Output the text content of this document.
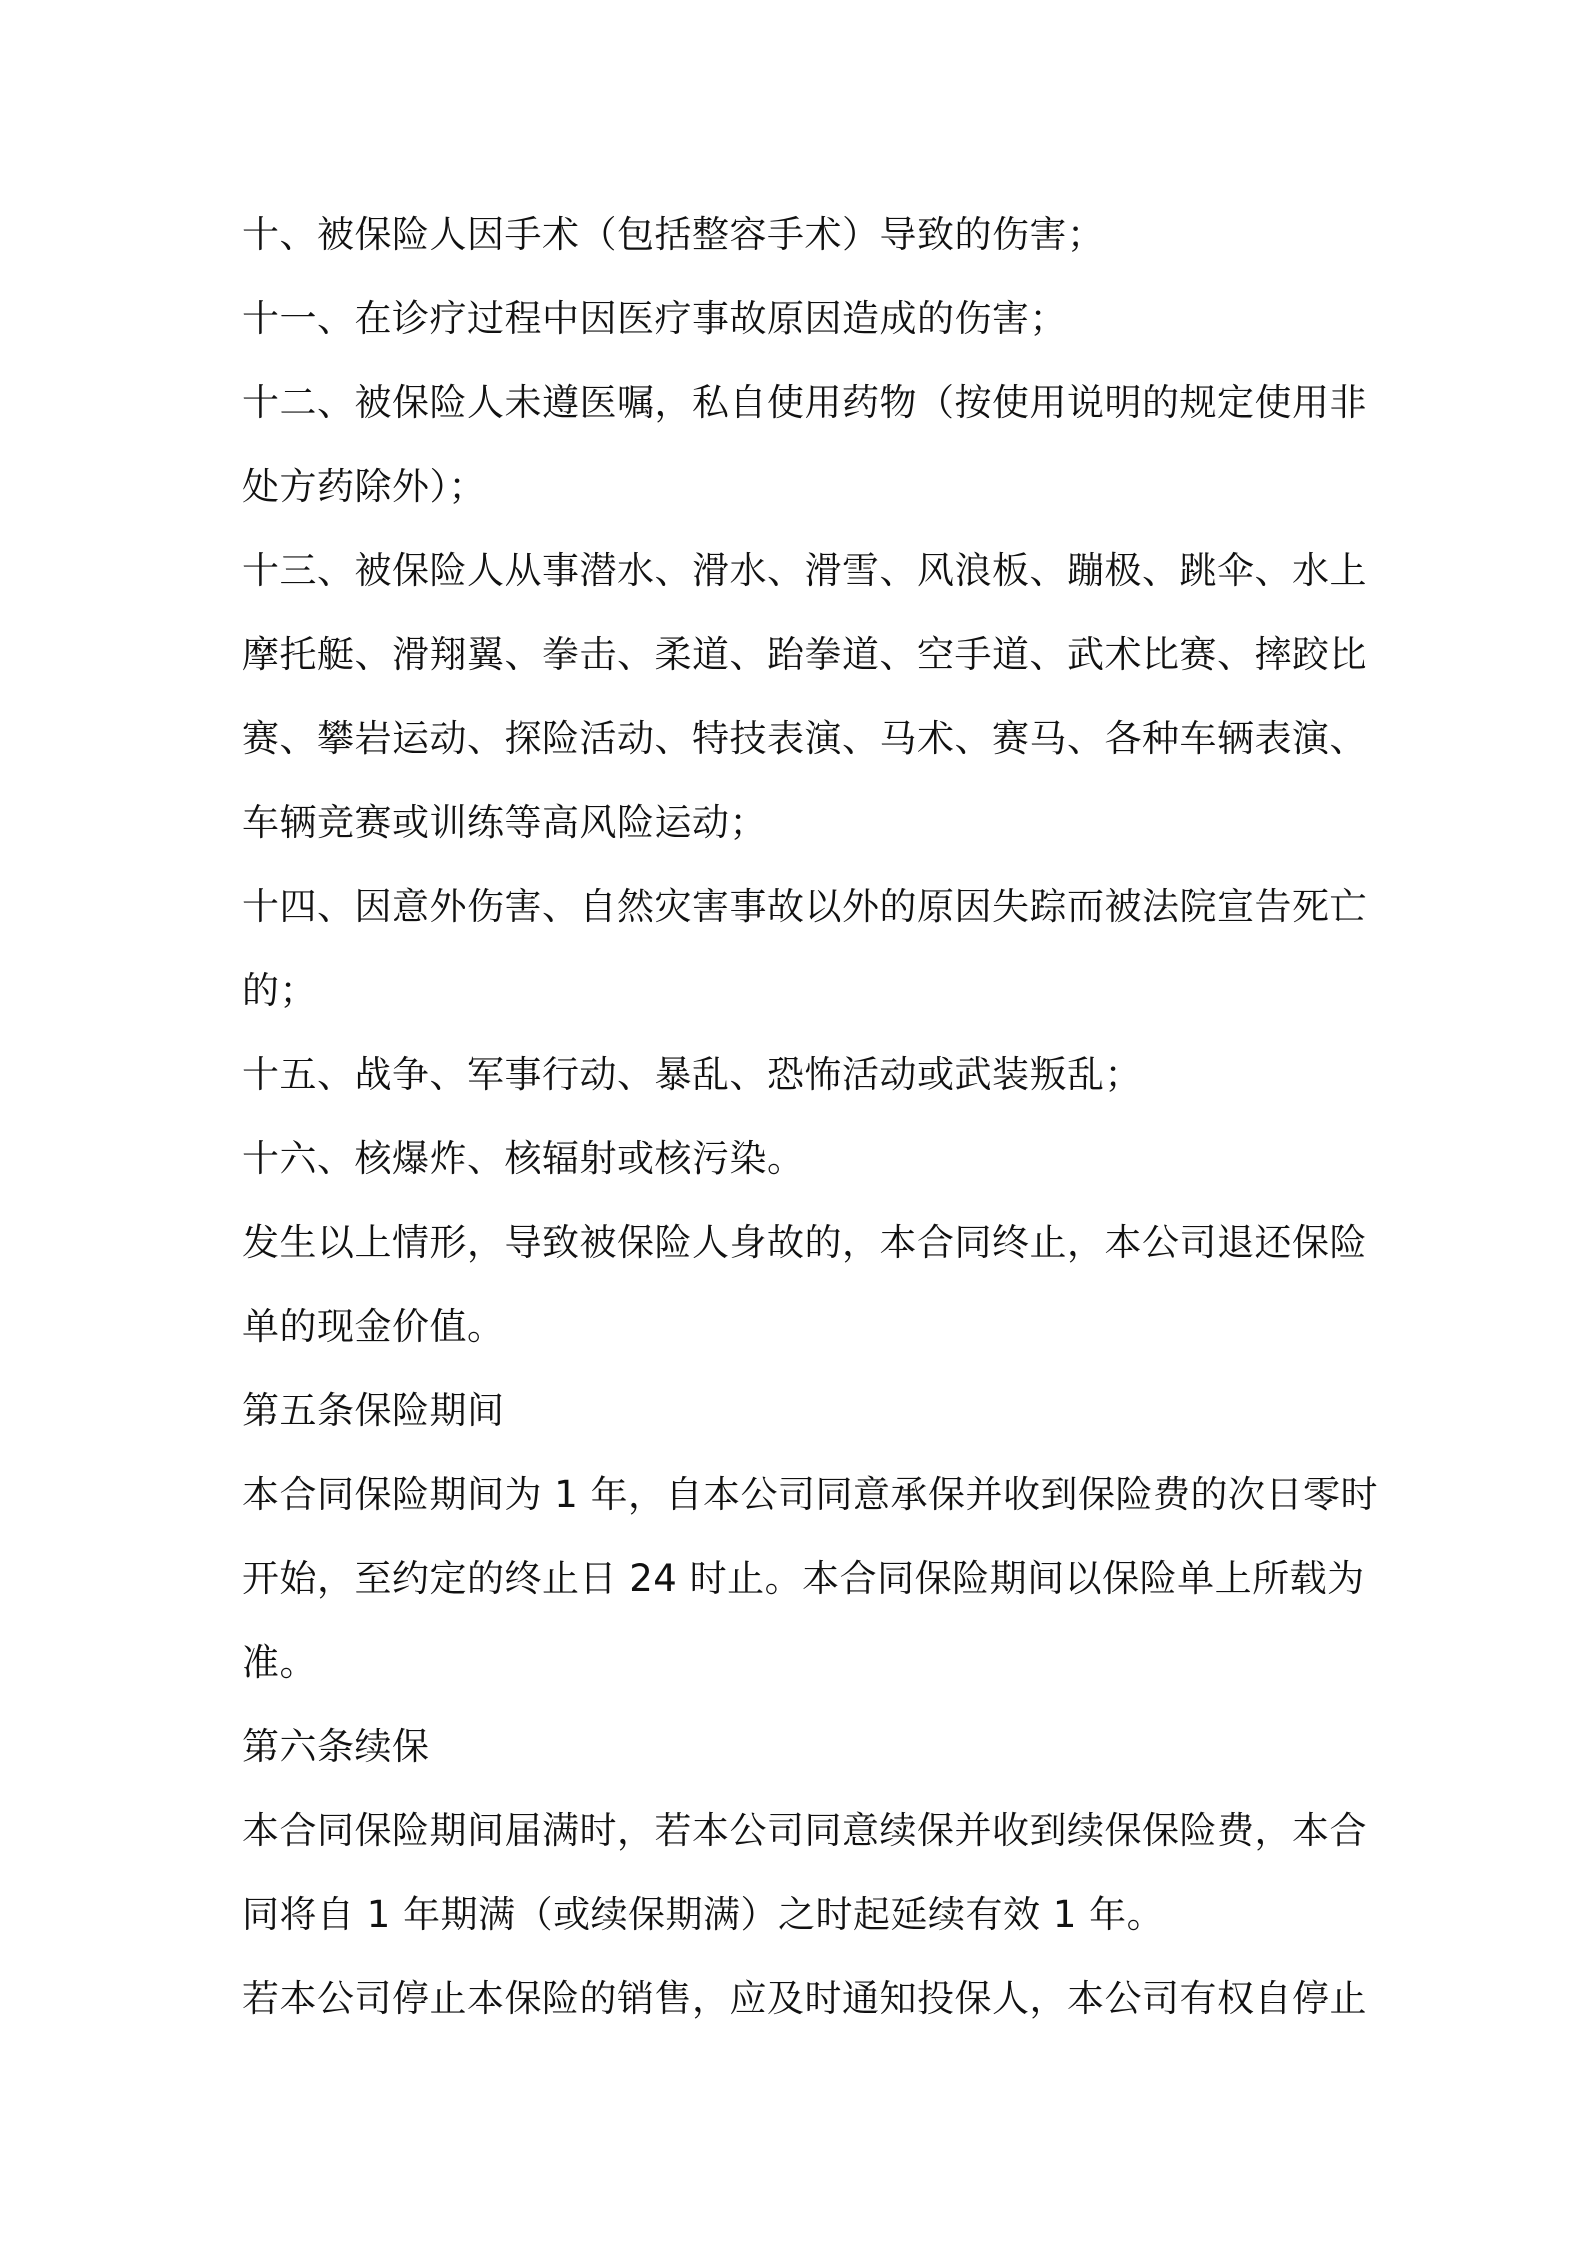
十、被保险人因手术（包括整容手术）导致的伤害；

十一、在诊疗过程中因医疗事故原因造成的伤害；

十二、被保险人未遵医嘱，私自使用药物（按使用说明的规定使用非

处方药除外）；

十三、被保险人从事潜水、滑水、滑雪、风浪板、蹦极、跳伞、水上

摩托艇、滑翔翼、拳击、柔道、跆拳道、空手道、武术比赛、摔跤比

赛、攀岩运动、探险活动、特技表演、马术、赛马、各种车辆表演、

车辆竞赛或训练等高风险运动；

十四、因意外伤害、自然灾害事故以外的原因失踪而被法院宣告死亡

的；

十五、战争、军事行动、暴乱、恐怖活动或武装叛乱；

十六、核爆炸、核辐射或核污染。

发生以上情形，导致被保险人身故的，本合同终止，本公司退还保险

单的现金价值。

第五条保险期间

本合同保险期间为 1 年，自本公司同意承保并收到保险费的次日零时

开始，至约定的终止日 24 时止。本合同保险期间以保险单上所载为

准。

第六条续保

本合同保险期间届满时，若本公司同意续保并收到续保保险费，本合

同将自 1 年期满（或续保期满）之时起延续有效 1 年。

若本公司停止本保险的销售，应及时通知投保人，本公司有权自停止
